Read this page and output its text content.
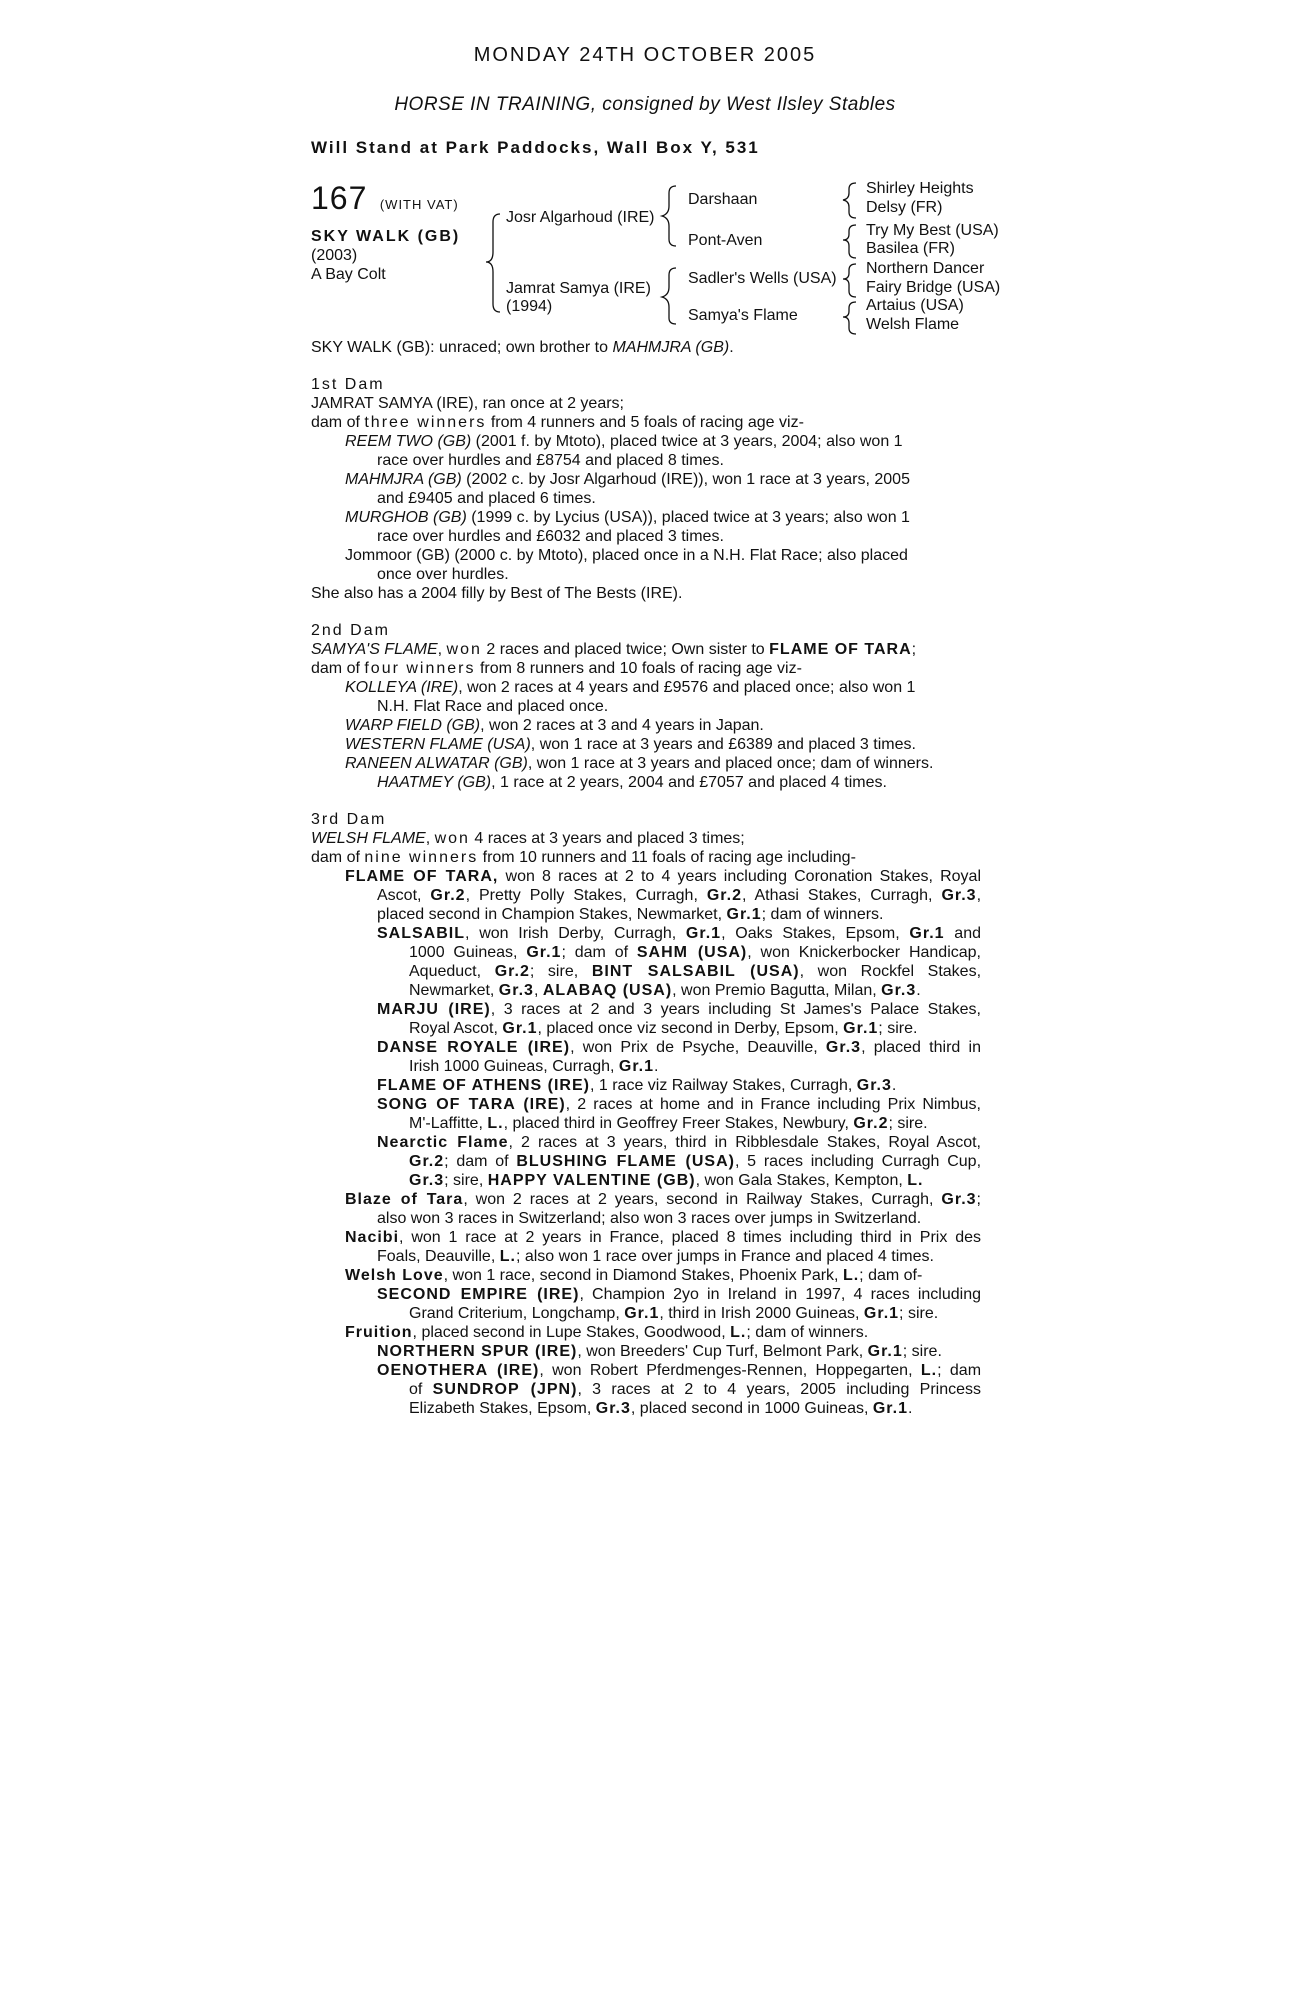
MONDAY 24TH OCTOBER 2005
HORSE IN TRAINING, consigned by West Ilsley Stables
Will Stand at Park Paddocks, Wall Box Y, 531
167 (WITH VAT)
SKY WALK (GB)
(2003)
A Bay Colt
Josr Algarhoud (IRE)
Jamrat Samya (IRE)
(1994)
Darshaan
Pont-Aven
Sadler's Wells (USA)
Samya's Flame
Shirley Heights
Delsy (FR)
Try My Best (USA)
Basilea (FR)
Northern Dancer
Fairy Bridge (USA)
Artaius (USA)
Welsh Flame
SKY WALK (GB): unraced; own brother to MAHMJRA (GB).
1st Dam
JAMRAT SAMYA (IRE), ran once at 2 years;
dam of three winners from 4 runners and 5 foals of racing age viz-
REEM TWO (GB) (2001 f. by Mtoto), placed twice at 3 years, 2004; also won 1
race over hurdles and £8754 and placed 8 times.
MAHMJRA (GB) (2002 c. by Josr Algarhoud (IRE)), won 1 race at 3 years, 2005
and £9405 and placed 6 times.
MURGHOB (GB) (1999 c. by Lycius (USA)), placed twice at 3 years; also won 1
race over hurdles and £6032 and placed 3 times.
Jommoor (GB) (2000 c. by Mtoto), placed once in a N.H. Flat Race; also placed
once over hurdles.
She also has a 2004 filly by Best of The Bests (IRE).
2nd Dam
SAMYA'S FLAME, won 2 races and placed twice; Own sister to FLAME OF TARA;
dam of four winners from 8 runners and 10 foals of racing age viz-
KOLLEYA (IRE), won 2 races at 4 years and £9576 and placed once; also won 1
N.H. Flat Race and placed once.
WARP FIELD (GB), won 2 races at 3 and 4 years in Japan.
WESTERN FLAME (USA), won 1 race at 3 years and £6389 and placed 3 times.
RANEEN ALWATAR (GB), won 1 race at 3 years and placed once; dam of winners.
HAATMEY (GB), 1 race at 2 years, 2004 and £7057 and placed 4 times.
3rd Dam
WELSH FLAME, won 4 races at 3 years and placed 3 times;
dam of nine winners from 10 runners and 11 foals of racing age including-
FLAME OF TARA, won 8 races at 2 to 4 years including Coronation Stakes, Royal
Ascot, Gr.2, Pretty Polly Stakes, Curragh, Gr.2, Athasi Stakes, Curragh, Gr.3,
placed second in Champion Stakes, Newmarket, Gr.1; dam of winners.
SALSABIL, won Irish Derby, Curragh, Gr.1, Oaks Stakes, Epsom, Gr.1 and
1000 Guineas, Gr.1; dam of SAHM (USA), won Knickerbocker Handicap,
Aqueduct, Gr.2; sire, BINT SALSABIL (USA), won Rockfel Stakes,
Newmarket, Gr.3, ALABAQ (USA), won Premio Bagutta, Milan, Gr.3.
MARJU (IRE), 3 races at 2 and 3 years including St James's Palace Stakes,
Royal Ascot, Gr.1, placed once viz second in Derby, Epsom, Gr.1; sire.
DANSE ROYALE (IRE), won Prix de Psyche, Deauville, Gr.3, placed third in
Irish 1000 Guineas, Curragh, Gr.1.
FLAME OF ATHENS (IRE), 1 race viz Railway Stakes, Curragh, Gr.3.
SONG OF TARA (IRE), 2 races at home and in France including Prix Nimbus,
M'-Laffitte, L., placed third in Geoffrey Freer Stakes, Newbury, Gr.2; sire.
Nearctic Flame, 2 races at 3 years, third in Ribblesdale Stakes, Royal Ascot,
Gr.2; dam of BLUSHING FLAME (USA), 5 races including Curragh Cup,
Gr.3; sire, HAPPY VALENTINE (GB), won Gala Stakes, Kempton, L.
Blaze of Tara, won 2 races at 2 years, second in Railway Stakes, Curragh, Gr.3;
also won 3 races in Switzerland; also won 3 races over jumps in Switzerland.
Nacibi, won 1 race at 2 years in France, placed 8 times including third in Prix des
Foals, Deauville, L.; also won 1 race over jumps in France and placed 4 times.
Welsh Love, won 1 race, second in Diamond Stakes, Phoenix Park, L.; dam of-
SECOND EMPIRE (IRE), Champion 2yo in Ireland in 1997, 4 races including
Grand Criterium, Longchamp, Gr.1, third in Irish 2000 Guineas, Gr.1; sire.
Fruition, placed second in Lupe Stakes, Goodwood, L.; dam of winners.
NORTHERN SPUR (IRE), won Breeders' Cup Turf, Belmont Park, Gr.1; sire.
OENOTHERA (IRE), won Robert Pferdmenges-Rennen, Hoppegarten, L.; dam
of SUNDROP (JPN), 3 races at 2 to 4 years, 2005 including Princess
Elizabeth Stakes, Epsom, Gr.3, placed second in 1000 Guineas, Gr.1.
